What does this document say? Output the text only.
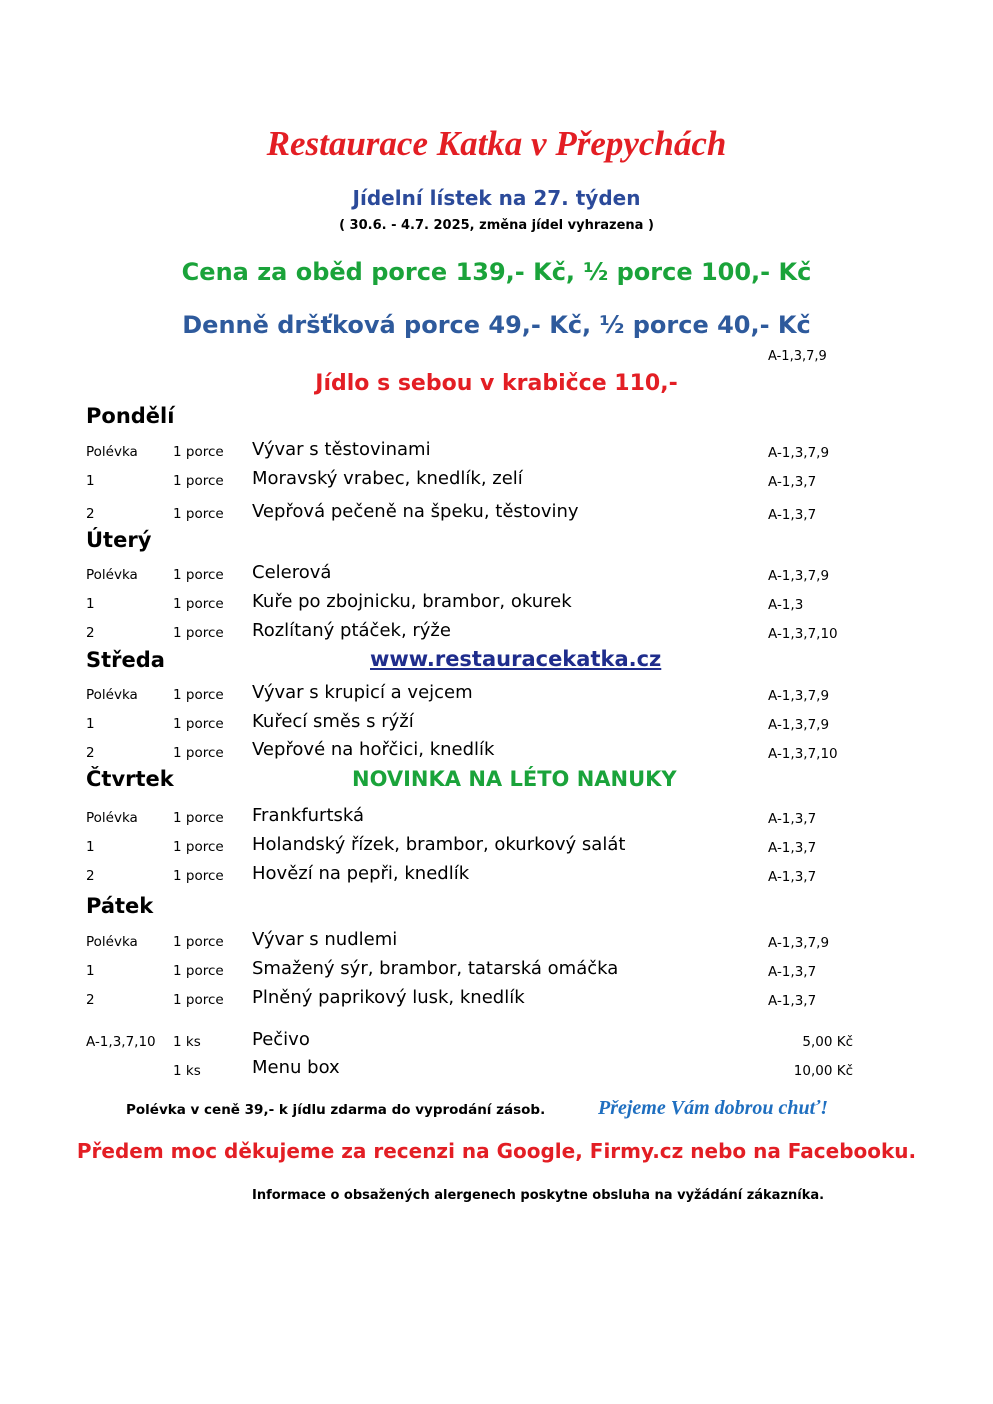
Restaurace Katka v Přepychách
Jídelní lístek na 27. týden
( 30.6. - 4.7. 2025, změna jídel vyhrazena )
Cena za oběd porce 139,- Kč, ½ porce 100,- Kč
Denně dršťková porce 49,- Kč, ½ porce 40,- Kč
A-1,3,7,9
Jídlo s sebou v krabičce 110,-
Pondělí
Polévka	1 porce Vývar s těstovinami	A-1,3,7,9
1	1 porce Moravský vrabec, knedlík, zelí	A-1,3,7
2	1 porce Vepřová pečeně na špeku, těstoviny	A-1,3,7
Úterý
Polévka	1 porce Celerová	A-1,3,7,9
1	1 porce Kuře po zbojnicku, brambor, okurek	A-1,3
2	1 porce Rozlítaný ptáček, rýže	A-1,3,7,10
Středa	www.restauracekatka.cz
Polévka	1 porce Vývar s krupicí a vejcem	A-1,3,7,9
1	1 porce Kuřecí směs s rýží	A-1,3,7,9
2	1 porce Vepřové na hořčici, knedlík	A-1,3,7,10
Čtvrtek	NOVINKA NA LÉTO NANUKY
Polévka	1 porce Frankfurtská	A-1,3,7
1	1 porce Holandský řízek, brambor, okurkový salát	A-1,3,7
2	1 porce Hovězí na pepři, knedlík	A-1,3,7
Pátek
Polévka	1 porce Vývar s nudlemi	A-1,3,7,9
1	1 porce Smažený sýr, brambor, tatarská omáčka	A-1,3,7
2	1 porce Plněný paprikový lusk, knedlík	A-1,3,7
A-1,3,7,10 1 ks	Pečivo	5,00 Kč
1 ks	Menu box	10,00 Kč
Polévka v ceně 39,- k jídlu zdarma do vyprodání zásob.	Přejeme Vám dobrou chuť!
Předem moc děkujeme za recenzi na Google, Firmy.cz nebo na Facebooku.
Informace o obsažených alergenech poskytne obsluha na vyžádání zákazníka.
